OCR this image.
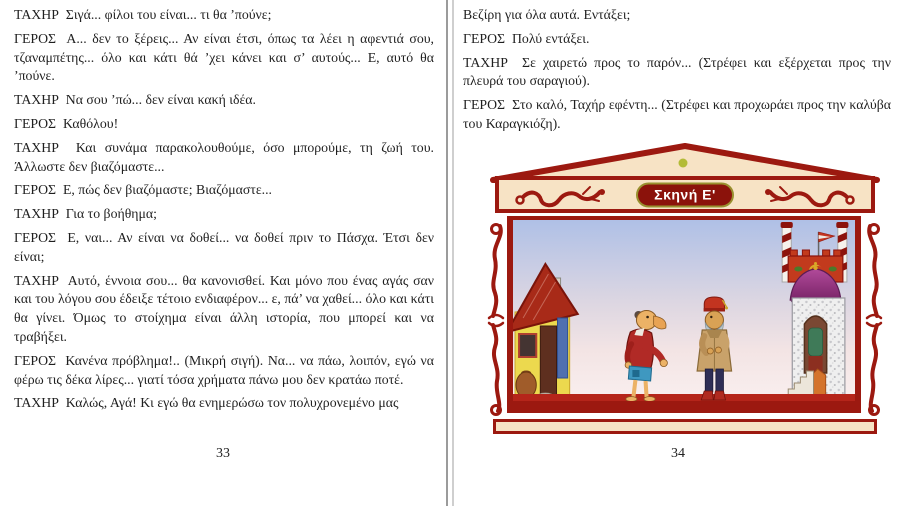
ΤΑΧΗΡ  Σιγά... φίλοι του είναι... τι θα ’πούνε;

ΓΕΡΟΣ  Α... δεν το ξέρεις... Αν είναι έτσι, όπως τα λέει η αφεντιά σου, τζαναμπέτης... όλο και κάτι θά ’χει κάνει και σ’ αυτούς... Ε, αυτό θα ’πούνε.

ΤΑΧΗΡ  Να σου ’πώ... δεν είναι κακή ιδέα.

ΓΕΡΟΣ  Καθόλου!

ΤΑΧΗΡ  Και συνάμα παρακολουθούμε, όσο μπορούμε, τη ζωή του. Άλλωστε δεν βιαζόμαστε...

ΓΕΡΟΣ  Ε, πώς δεν βιαζόμαστε; Βιαζόμαστε...

ΤΑΧΗΡ  Για το βοήθημα;

ΓΕΡΟΣ  Ε, ναι... Αν είναι να δοθεί... να δοθεί πριν το Πάσχα. Έτσι δεν είναι;

ΤΑΧΗΡ  Αυτό, έννοια σου... θα κανονισθεί. Και μόνο που ένας αγάς σαν και του λόγου σου έδειξε τέτοιο ενδιαφέρον... ε, πά’ να χαθεί... όλο και κάτι θα γίνει. Όμως το στοίχημα είναι άλλη ιστορία, που μπορεί και να τραβήξει.

ΓΕΡΟΣ  Κανένα πρόβλημα!.. (Μικρή σιγή). Να... να πάω, λοιπόν, εγώ να φέρω τις δέκα λίρες... γιατί τόσα χρήματα πάνω μου δεν κρατάω ποτέ.

ΤΑΧΗΡ  Καλώς, Αγά! Κι εγώ θα ενημερώσω τον πολυχρονεμένο μας

33

Βεζίρη για όλα αυτά. Εντάξει;

ΓΕΡΟΣ  Πολύ εντάξει.

ΤΑΧΗΡ  Σε χαιρετώ προς το παρόν... (Στρέφει και εξέρχεται προς την πλευρά του σαραγιού).

ΓΕΡΟΣ  Στο καλό, Ταχήρ εφέντη... (Στρέφει και προχωράει προς την καλύβα του Καραγκιόζη).

Σκηνή Ε'
34
